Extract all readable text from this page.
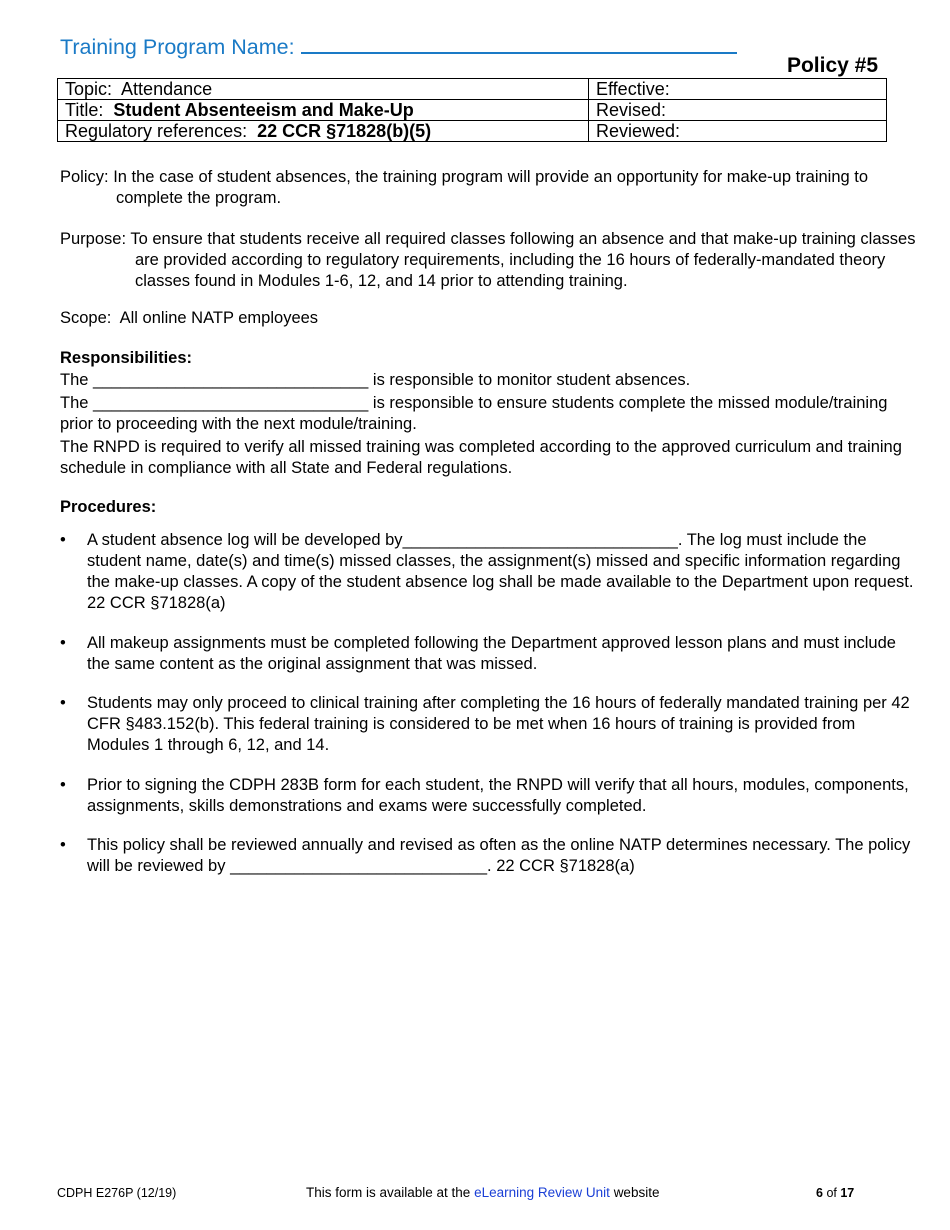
Training Program Name:
Policy #5
Topic: Attendance	Effective:
Title: Student Absenteeism and Make-Up	Revised:
Regulatory references: 22 CCR §71828(b)(5)	Reviewed:
Policy: In the case of student absences, the training program will provide an opportunity for make-up training to complete the program.
Purpose: To ensure that students receive all required classes following an absence and that make-up training classes are provided according to regulatory requirements, including the 16 hours of federally-mandated theory classes found in Modules 1-6, 12, and 14 prior to attending training.
Scope: All online NATP employees
Responsibilities:
The ______________________________ is responsible to monitor student absences.
The ______________________________ is responsible to ensure students complete the missed module/training prior to proceeding with the next module/training.
The RNPD is required to verify all missed training was completed according to the approved curriculum and training schedule in compliance with all State and Federal regulations.
Procedures:
•	A student absence log will be developed by______________________________. The log must include the student name, date(s) and time(s) missed classes, the assignment(s) missed and specific information regarding the make-up classes. A copy of the student absence log shall be made available to the Department upon request. 22 CCR §71828(a)
•	All makeup assignments must be completed following the Department approved lesson plans and must include the same content as the original assignment that was missed.
•	Students may only proceed to clinical training after completing the 16 hours of federally mandated training per 42 CFR §483.152(b). This federal training is considered to be met when 16 hours of training is provided from Modules 1 through 6, 12, and 14.
•	Prior to signing the CDPH 283B form for each student, the RNPD will verify that all hours, modules, components, assignments, skills demonstrations and exams were successfully completed.
•	This policy shall be reviewed annually and revised as often as the online NATP determines necessary. The policy will be reviewed by ____________________________. 22 CCR §71828(a)
CDPH E276P (12/19)	This form is available at the eLearning Review Unit website	6 of 17
